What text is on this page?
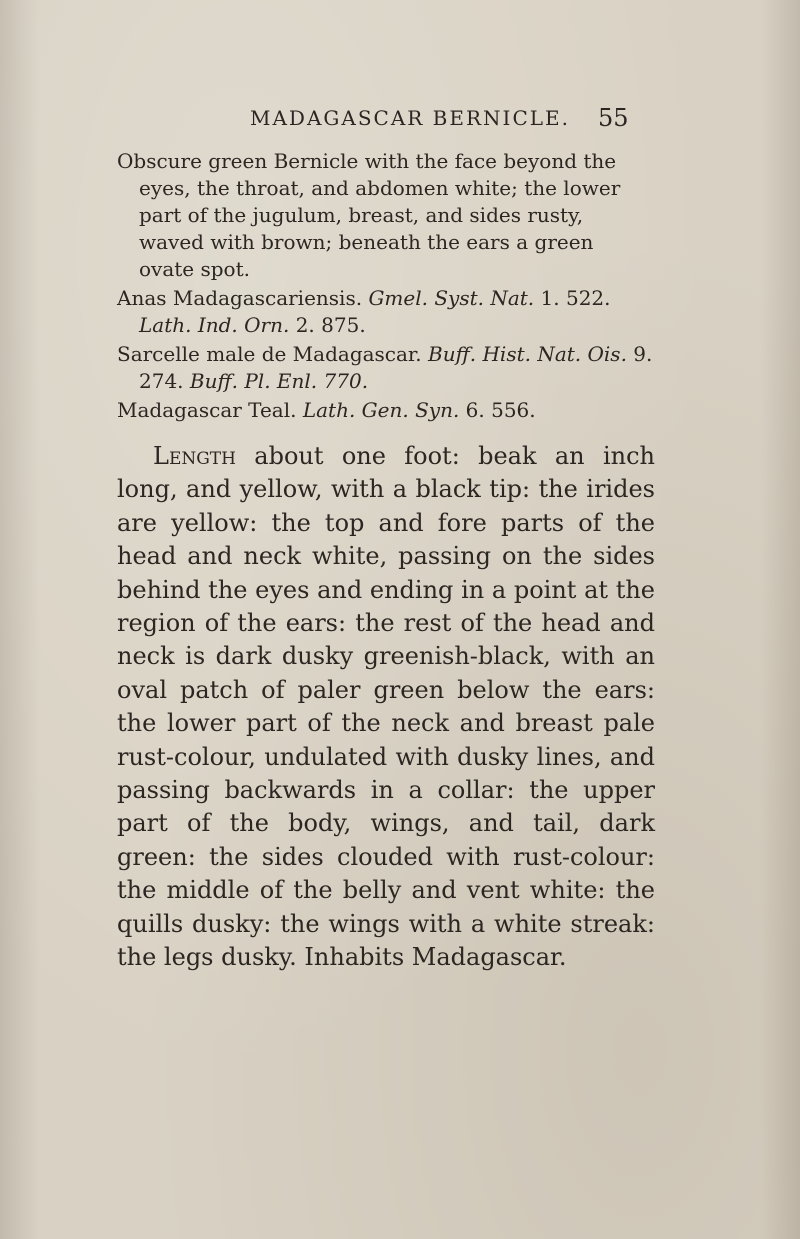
MADAGASCAR BERNICLE.	55

Obscure green Bernicle with the face beyond the eyes, the throat, and abdomen white; the lower part of the jugulum, breast, and sides rusty, waved with brown; beneath the ears a green ovate spot.

Anas Madagascariensis. Gmel. Syst. Nat. 1. 522. Lath. Ind. Orn. 2. 875.

Sarcelle male de Madagascar. Buff. Hist. Nat. Ois. 9. 274. Buff. Pl. Enl. 770.

Madagascar Teal. Lath. Gen. Syn. 6. 556.

Length about one foot: beak an inch long, and yellow, with a black tip: the irides are yellow: the top and fore parts of the head and neck white, passing on the sides behind the eyes and ending in a point at the region of the ears: the rest of the head and neck is dark dusky greenish-black, with an oval patch of paler green below the ears: the lower part of the neck and breast pale rust-colour, undulated with dusky lines, and passing backwards in a collar: the upper part of the body, wings, and tail, dark green: the sides clouded with rust-colour: the middle of the belly and vent white: the quills dusky: the wings with a white streak: the legs dusky. Inhabits Madagascar.
